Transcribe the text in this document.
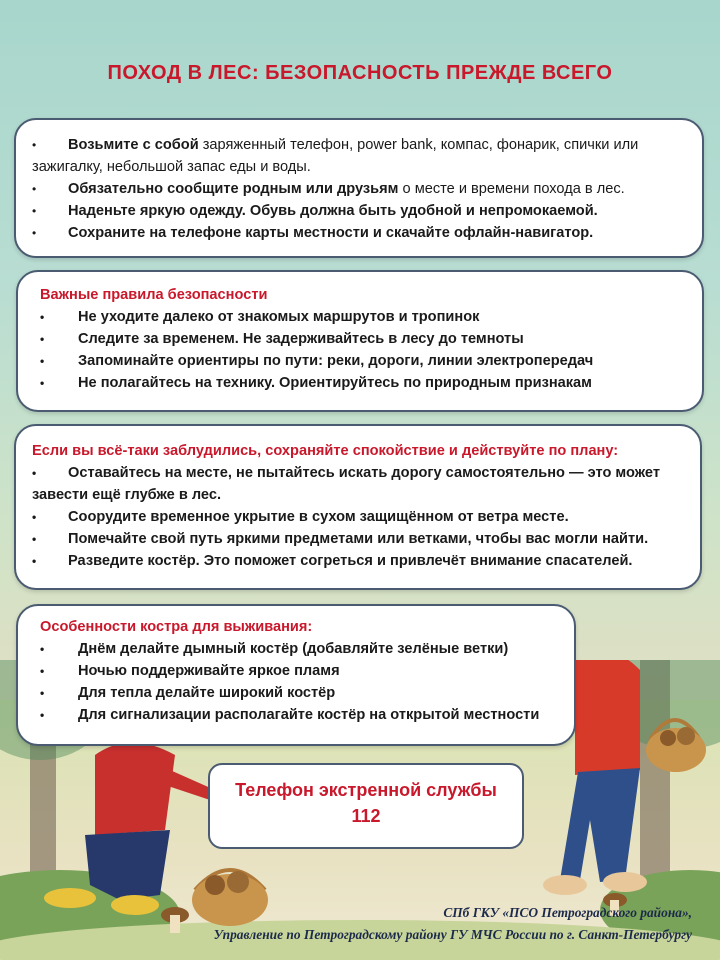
ПОХОД В ЛЕС: БЕЗОПАСНОСТЬ ПРЕЖДЕ ВСЕГО
• Возьмите с собой заряженный телефон, power bank, компас, фонарик, спички или зажигалку, небольшой запас еды и воды.
• Обязательно сообщите родным или друзьям о месте и времени похода в лес.
• Наденьте яркую одежду. Обувь должна быть удобной и непромокаемой.
• Сохраните на телефоне карты местности и скачайте офлайн-навигатор.
Важные правила безопасности
• Не уходите далеко от знакомых маршрутов и тропинок
• Следите за временем. Не задерживайтесь в лесу до темноты
• Запоминайте ориентиры по пути: реки, дороги, линии электропередач
• Не полагайтесь на технику. Ориентируйтесь по природным признакам
Если вы всё-таки заблудились, сохраняйте спокойствие и действуйте по плану:
• Оставайтесь на месте, не пытайтесь искать дорогу самостоятельно — это может завести ещё глубже в лес.
• Соорудите временное укрытие в сухом защищённом от ветра месте.
• Помечайте свой путь яркими предметами или ветками, чтобы вас могли найти.
• Разведите костёр. Это поможет согреться и привлечёт внимание спасателей.
Особенности костра для выживания:
• Днём делайте дымный костёр (добавляйте зелёные ветки)
• Ночью поддерживайте яркое пламя
• Для тепла делайте широкий костёр
• Для сигнализации располагайте костёр на открытой местности
Телефон экстренной службы
112
СПб ГКУ «ПСО Петроградского района»,
Управление по Петроградскому району ГУ МЧС России по г. Санкт-Петербургу
